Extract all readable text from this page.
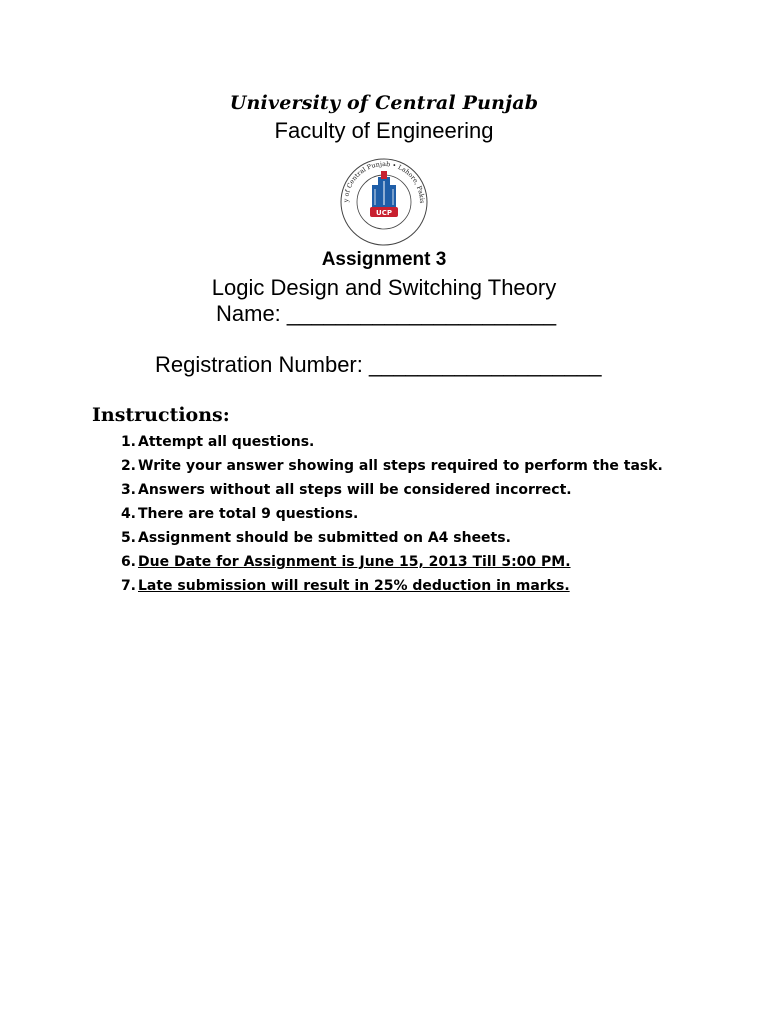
University of Central Punjab
Faculty of Engineering
y of Central Punjab • Lahore, Pakis
UCP
Assignment 3
Logic Design and Switching Theory
Name: ______________________
Registration Number: ___________________
Instructions:
1. Attempt all questions.
2. Write your answer showing all steps required to perform the task.
3. Answers without all steps will be considered incorrect.
4. There are total 9 questions.
5. Assignment should be submitted on A4 sheets.
6. Due Date for Assignment is June 15, 2013 Till 5:00 PM.
7. Late submission will result in 25% deduction in marks.
